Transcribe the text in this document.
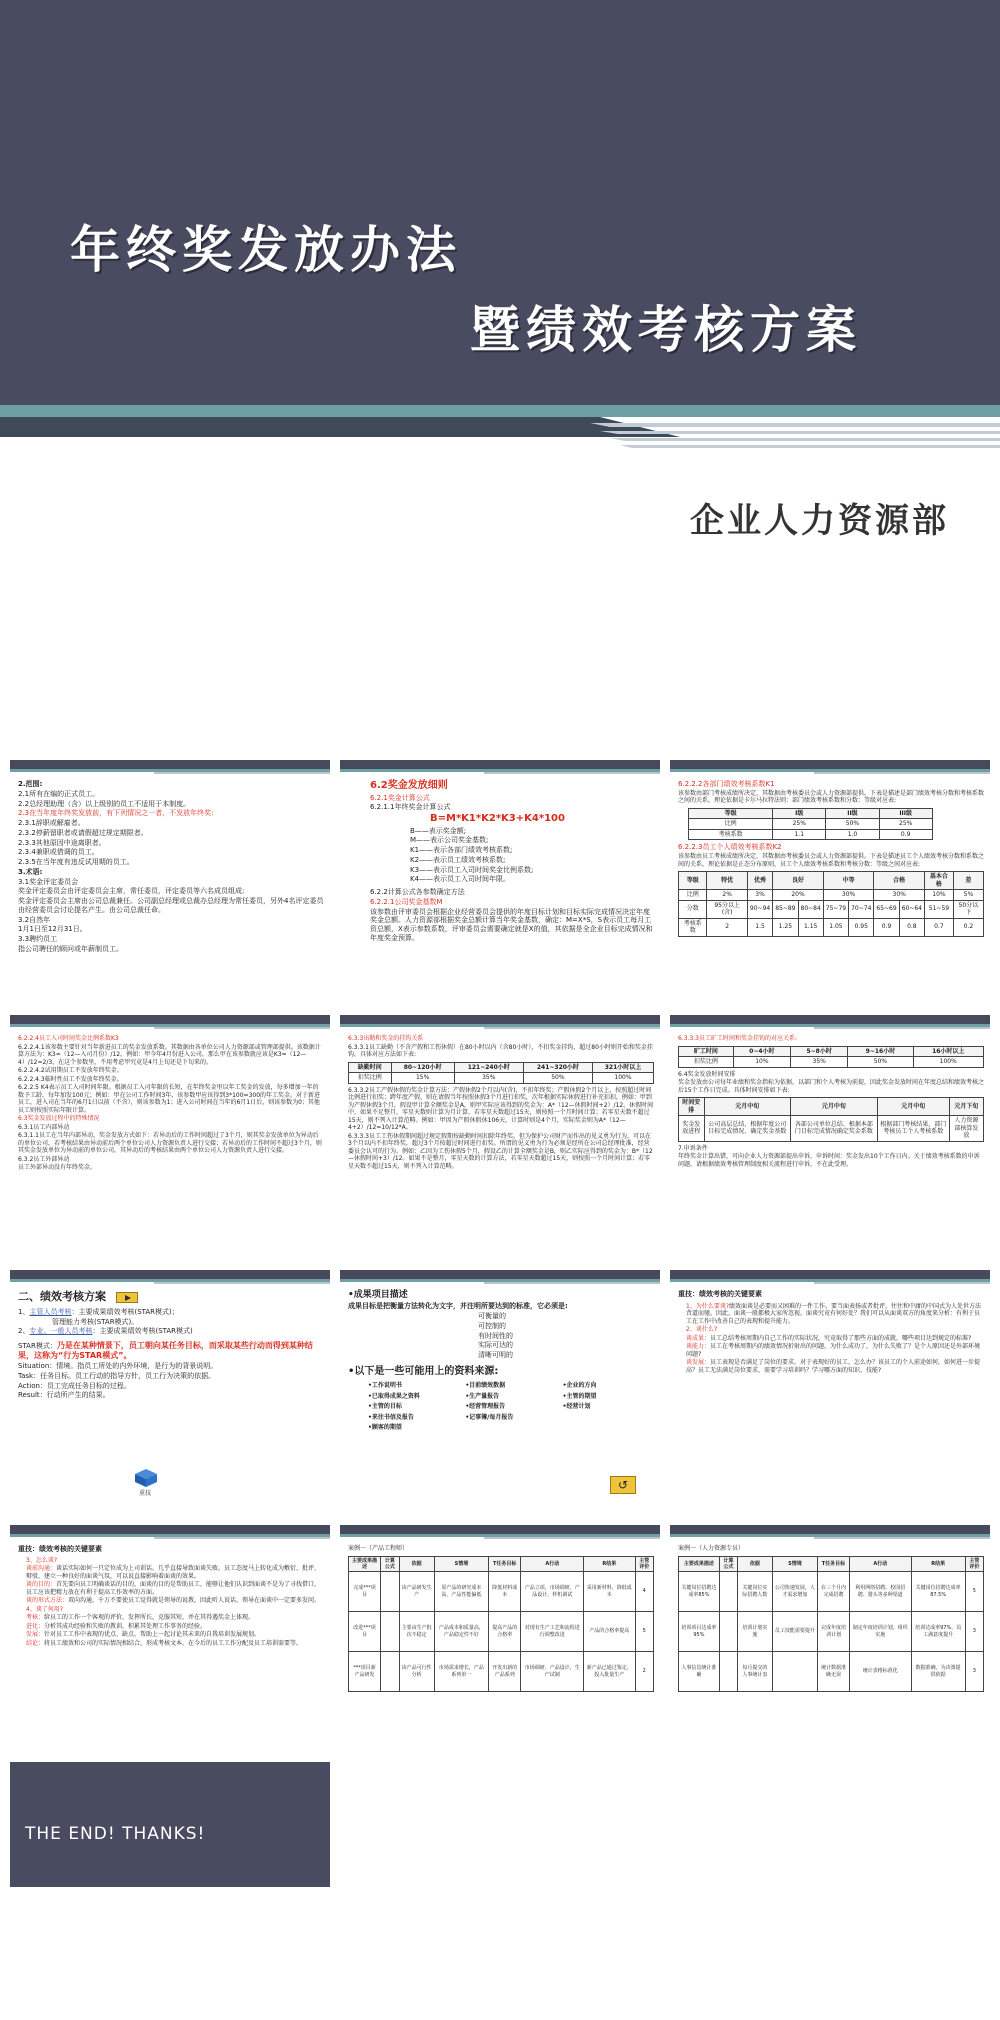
年终奖发放办法
暨绩效考核方案
企业人力资源部

2.范围:

2.1所有在编的正式员工。

2.2总经理助理（含）以上级别的员工不适用于本制度。

2.3在当年度年终奖发放前，有下列情况之一者，不发放年终奖:

2.3.1辞职或解雇者。

2.3.2停薪留职者或请假超过规定期限者。

2.3.3其他原因中途离职者。

2.3.4兼职或借调的员工。

2.3.5在当年度有违反试用期的员工。

3.术语:

3.1奖金评定委员会

奖金评定委员会由评定委员会主席，常任委员，评定委员等六名成员组成:

奖金评定委员会主席由公司总裁兼任。公司副总经理或总裁办总经理为常任委员，另外4名评定委员由经营委员会讨论提名产生。由公司总裁任命。

3.2自然年

1月1日至12月31日。

3.3聘约员工

指公司聘任的顾问或年薪制员工。

6.2奖金发放细则

6.2.1奖金计算公式

6.2.1.1年终奖金计算公式

B=M*K1*K2*K3+K4*100

B——表示奖金额;

M——表示公司奖金基数;

K1——表示各部门绩效考核系数;

K2——表示员工绩效考核系数;

K3——表示员工入司时间奖金比例系数;

K4——表示员工入司时间年限。

6.2.2计算公式各参数确定方法

6.2.2.1公司奖金基数M

该参数由评审委员会根据企业经营委员会提供的年度目标计划和目标实际完成情况决定年度奖金总额。人力资源部根据奖金总额计算当年奖金基数，确定：M=X*S，S表示员工每月工资总额，X表示参数系数，评审委员会需要确定就是X的值，其依据是全企业目标完成情况和年度奖金预算。

6.2.2.2各部门绩效考核系数K1

该参数由部门考核成绩所决定，其数据由考核委员会或人力资源部提供。下表是描述是部门绩效考核分数和考核系数之间的关系，理论依据是卡尔马拉特法则：部门绩效考核系数和分数：等级对应表:

等级	I级	II级	III级
比例	25%	50%	25%
考核系数	1.1	1.0	0.9

6.2.2.3员工个人绩效考核系数K2

该参数由员工考核成绩所决定，其数据由考核委员会或人力资源部提供。下表是描述员工个人绩效考核分数和系数之间的关系，理论依据是正态分布原则，员工个人绩效考核系数和考核分数：等级之间对应表:

等级	特优	优秀	良好		中等		合格		基本合格	差
比例	2%	3%	20%		30%		30%		10%	5%
分数	95分以上(含)	90~94	85~89	80~84	75~79	70~74	65~69	60~64	51~59	50分以下
考核系数	2	1.5	1.25	1.15	1.05	0.95	0.9	0.8	0.7	0.2

6.2.2.4员工入司时间奖金比例系数K3

6.2.2.4.1该参数主要针对当年新进员工的奖金发放系数。其数据由各单位公司人力资源部或管理部提供。该数据计算方法为：K3=（12—入司月份）/12。例如：甲今年4月份进入公司，那么甲在该参数就应该是K3=（12—4）/12=2/3，在这个参数里，不用考虑甲究竟是4月上旬还是下旬来的。

6.2.2.4.2试用期员工不发放年终奖金。

6.2.2.4.3临时性员工不发放年终奖金。

6.2.2.5 K4表示员工入司时间年限。根据员工入司年限的长短，在年终奖金里以年工奖金的发放，每多增加一年的数予工龄，每年加发100元；例如：甲在公司工作时间3年，该参数甲应该得到3*100=300的年工奖金。对于新进员工，进入司在当年的6月1日以前（不含），则该参数为1；进入公司时间在当年的6月1日后，则该参数为0；其他员工则按照实际年限计算。

6.3奖金发放过程中的特殊情况

6.3.1员工内部异动

6.3.1.1员工在当年内部异动，奖金发放方式如下：若异动后的工作时间超过了3个月，则其奖金发放单位为异动后的单位公司，若考核结果由异动前后两个单位公司人力资源负责人进行交接；若异动后的工作时间不超过3个月，则其奖金发放单位为异动前的单位公司，其异动后的考核结果由两个单位公司人力资源负责人进行交接。

6.3.2员工外部异动

员工外部异动没有年终奖金。

6.3.3出勤和奖金的挂钩关系

6.3.3.1员工缺勤（不含产假和工伤休假）在80小时以内（含80小时），不扣奖金挂钩，超过80小时则开始和奖金挂钩，具体对应方法如下表:

缺勤时间	80~120小时	121~240小时	241~320小时	321小时以上
扣奖比例	15%	35%	50%	100%

6.3.3.2员工产假休假的奖金计算方法：产假休假2个月以内(含)，不扣年终奖；产假休假2个月以上，按照超过时间比例进行扣奖；跨年度产假，则在请假当年按照休假3个月进行扣奖，次年根据实际休假进行补充扣扣，例如：甲到为产假休假3个月，假设甲计算全额奖金是A，则甲实际应该得到的奖金为：A*（12—休假时间+2）/12。休假时间中，如果不足整月，零星天数则计算为月计算，若零星天数超过15天，则按照一个月时间计算；若零星天数不超过15天，则不列入计算范畴。例如：甲因为产假休假休106天，计算时则是4个月，实际奖金则为A*（12—4+2）/12=10/12*A。

6.3.3.3员工工伤休假期间超过规定假期按缺勤时间扣除年终奖。但为保护公司财产而作出的见义勇为行为，可以在3个月以内不扣年终奖，超过3个月按超过时间进行扣奖。所谓的见义勇为行为必须是经所在公司总经理批准，经营委员会认可的行为。例如：乙因为工伤休假5个月，假设乙的计算全额奖金是B，则乙实际应得到的奖金为：B*（12—休假时间+3）/12。如果不是整月，零星天数的计算方法，若零星天数超过15天，则按照一个月时间计算；若零星天数不超过15天，则不列入计算范畴。

6.3.3.3员工旷工时间和奖金挂钩的对应关系:

旷工时间	0~4小时	5~8小时	9~16小时	16小时以上
扣奖比例	10%	35%	50%	100%

6.4奖金发放时间安排

奖金发放由公司每年业绩和奖金指标为依据，以部门和个人考核为前提，因此奖金发放时间在年度总结和绩效考核之后15个工作日完成。具体时间安排如下表:

时间安排	元月中旬	元月中旬	元月中旬	元月下旬
奖金发放进程	公司高层总结、根据年度公司目标完成情况、确定奖金基数	各部公司单位总结、根据本部门目标完成情况确定奖金系数	根据部门考核结果，部门考核员工个人考核系数	人力资源部核算发放

7.申诉条件

年终奖金计算出错，可向企业人力资源部提出申诉，申诉时间：奖金发出10个工作日内。关于绩效考核系数的申诉问题，请根据绩效考核管理制度相关流程进行申诉，不在此受理。

二、绩效考核方案

1、主管人员考核：主要成果绩效考核(STAR模式)；

管理能力考核(STAR模式)。

2、专业、一般人员考核：主要成果绩效考核(STAR模式)

STAR模式：乃是在某种情景下，员工朝向某任务目标，而采取某些行动而得到某种结果，这称为“行为STAR模式”。

Situation：情境。指员工所处的内外环境，是行为的背景说明。

Task：任务目标。员工行动的指导方针，员工行为决策的依据。

Action：员工完成任务目标的过程。

Result：行动所产生的结果。

重技

•成果项目描述

成果目标是把衡量方法转化为文字，并注明所要达到的标准，它必须是:

可衡量的

可控制的

有时间性的

实际可达的

清晰可明的

•以下是一些可能用上的资料来源:

•工作说明书	•目前绩效数据	•企业的方向
•已取得成果之资料	•生产量报告	•主管的期望
•主管的目标	•经营管理报告	•经营计划
•来往书信及报告	•记事簿/每月报告

•顾客的期望

↺

重技：绩效考核的关键要素

1、为什么要谈?绩效面谈是必要而又困难的一件工作。要当面表扬或者批评，往往和中庸的中国式为人处世方法背道而驰。因此，面谈一般都极大家所忽视。面谈究竟有何好处？我们可以从面谈双方的角度来分析：有利于员工在工作中改善自己的表现和提升能力。

2、谈什么?

谈成果：员工总结考核周期内自己工作的实际状况，究竟取得了那些方面的成就，哪些项目达到规定的标准?

谈能力：员工在考核周期内的绩效情况折射出的问题，为什么成功了，为什么失败了？是个人原因还是外部环境问题?

谈发展：员工表现是否满足了岗位的要求，对于表现好的员工，怎么办？该员工的个人前途如何，如何进一步提高？员工无法满足岗位要求，需要学习培训吗？学习哪方面的知识、技能?

重技：绩效考核的关键要素

3、怎么谈?

谈前沟通：谈话实际如何一只定位成为上司训话。几乎直接导致面谈失败。员工态度马上转化成为敷衍、批评、辩驳、建立一种良好的面谈气氛，可以说直接影响着面谈的效果。

谈的目的：首先要向员工明确谈话的目的，面谈的目的是帮助员工，能够让他们认识到面谈不是为了寻找借口，员工应该把精力放在有利于提高工作效率的方面。

谈的形式方法：双向沟通，千万不要使员工觉得就是领导的说教，因此听人说话，领导在面谈中一定要多发问。

4、谈了何用?

考核：给员工的工作一个客观的评价，发挥所长，克服其短，并在其得遇奖金上体现。

进化：分析其成功经验和失败的教训，积累其处理工作事务的经验。

发展：针对员工工作中表现的优点、缺点，帮助上一起讨论其未来的自我培训发展规划。

结论：将员工绩效和公司的实际情况相结合，形成考核文本，在今后的员工工作分配及员工培训需要等。

案例一（产品工程师）

主要成果描述	计算公式	依据	S情境	T任务目标	A行动	R结果	主管评价
完成***项目		该产品研发生产	原产品的研究成本高，产品性能偏低	降低材料成本	产品立项，市场调研，产品设计，样机调试	采用新材料，降低成本	4
改进***项目		主要由生产批次不稳定	产品成本和质量高，产品稳定性不好	提高产品的合格率	对现有生产工艺和流程进行调整改进	产品的合格率提高	5
***项目新产品研发		该产品可行性分析	市场需求增长，产品系列单一	开发出新的产品系列	市场调研，产品设计，生产试制	新产品已通过鉴定，投入批量生产	2

案例一（人力资源专员）

主要成果描述	计算公式	依据	S情境	T任务目标	A行动	R结果	主管评价
关键岗位招聘达成率85%		关键岗位实际招聘人数	公司快速发展，人才需求增加	在三个月内完成招聘	利用网络招聘、校园招聘、猎头等多种渠道	关键岗位招聘达成率87.5%	5
培训项目达成率95%		培训计划实施	员工技能需要提升	完成年度培训计划	制定年度培训计划，组织实施	培训达成率97%，员工满意度提升	3
人事信息统计准确		每月提交的人事统计表		统计数据准确无误	统计表格标准化	数据准确，为决策提供依据	3
THE END! THANKS!
